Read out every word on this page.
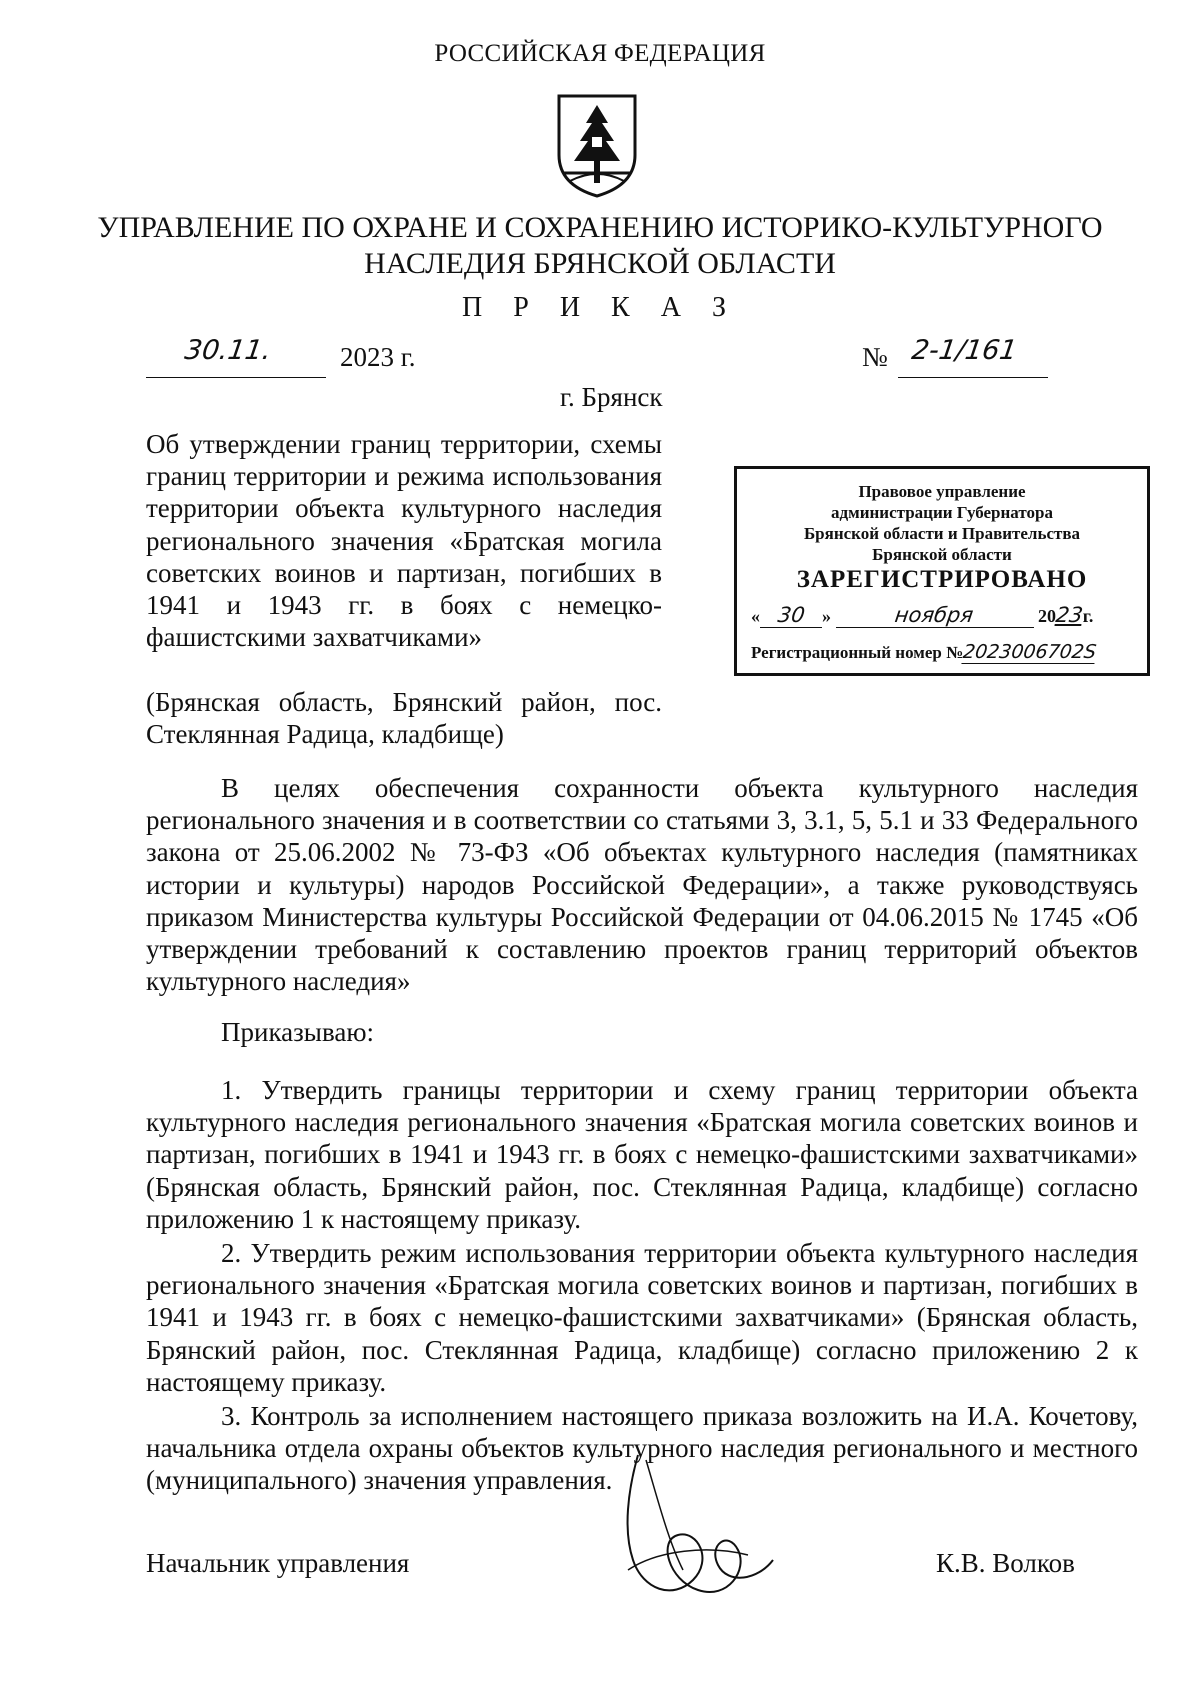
РОССИЙСКАЯ ФЕДЕРАЦИЯ
УПРАВЛЕНИЕ ПО ОХРАНЕ И СОХРАНЕНИЮ ИСТОРИКО-КУЛЬТУРНОГО
НАСЛЕДИЯ БРЯНСКОЙ ОБЛАСТИ
П Р И К А З
30.11. 2023 г.	№ 2-1/161
г. Брянск
Об утверждении границ территории, схемы границ территории и режима использования территории объекта культурного наследия регионального значения «Братская могила советских воинов и партизан, погибших в 1941 и 1943 гг. в боях с немецко-фашистскими захватчиками»
(Брянская область, Брянский район, пос. Стеклянная Радица, кладбище)
Правовое управление
администрации Губернатора
Брянской области и Правительства
Брянской области
ЗАРЕГИСТРИРОВАНО
« 30 »	ноября	2023г.
Регистрационный номер №2023006702S
В целях обеспечения сохранности объекта культурного наследия регионального значения и в соответствии со статьями 3, 3.1, 5, 5.1 и 33 Федерального закона от 25.06.2002 № 73-ФЗ «Об объектах культурного наследия (памятниках истории и культуры) народов Российской Федерации», а также руководствуясь приказом Министерства культуры Российской Федерации от 04.06.2015 № 1745 «Об утверждении требований к составлению проектов границ территорий объектов культурного наследия»
Приказываю:
1. Утвердить границы территории и схему границ территории объекта культурного наследия регионального значения «Братская могила советских воинов и партизан, погибших в 1941 и 1943 гг. в боях с немецко-фашистскими захватчиками» (Брянская область, Брянский район, пос. Стеклянная Радица, кладбище) согласно приложению 1 к настоящему приказу.
2. Утвердить режим использования территории объекта культурного наследия регионального значения «Братская могила советских воинов и партизан, погибших в 1941 и 1943 гг. в боях с немецко-фашистскими захватчиками» (Брянская область, Брянский район, пос. Стеклянная Радица, кладбище) согласно приложению 2 к настоящему приказу.
3. Контроль за исполнением настоящего приказа возложить на И.А. Кочетову, начальника отдела охраны объектов культурного наследия регионального и местного (муниципального) значения управления.
Начальник управления	К.В. Волков
